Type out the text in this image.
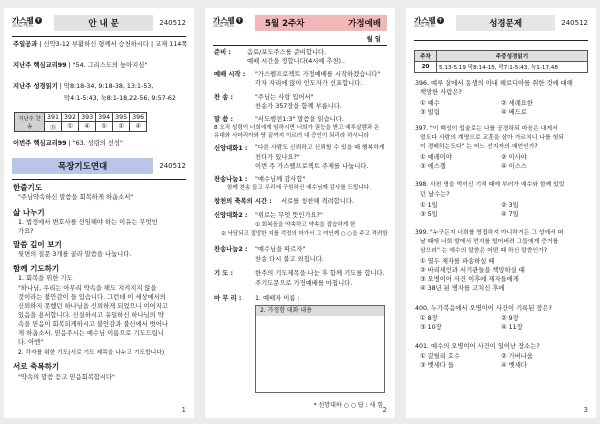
가스펠 ✝
프로젝트	안 내 문	240512
주일공과 | 신약3-12 부활하신 형께서 승천하시다 | 교재 114쪽
지난주 핵심교리99 | "54. 그리스도의 높아지심"
지난주 성경읽기 | 막8:18-34, 9:18-38, 13:1-53,
막4:1-5:43, 눅8:1-18,22-56, 9:57-62
지난주 찬송	391	392	393	394	395	396
	Ⓑ	①	④	①	①	④
이번주 핵심교리99 | "63. 성령의 선성"
목장기도연대	240512
한줄기도
"주님약속하신 말씀을 회복하게 하옵소서"
삶 나누기
1. 법정에서 변호사를 선임해야 하는 이유는 무엇인
가요?
말씀 깊이 보기
뒷면의 질문 3개를 골라 말씀을 나눕니다.
함께 기도하기
1. 회복을 위한 기도
"하나님, 우리는 아무리 약속을 해도 지켜지지 않을
것이라는 불안감이 들 있습니다. 그런데 이 세상에서의
신뢰하지 못했던 하나님을 신뢰하게 되었으니 이어지고
있음을 용서합니다. 신실하시고 유일하신 하나님의 약
속을 믿음이 회복되게하시고 불안감과 불신에서 벗어나
게 하옵소서. 믿음주시는 예수님 이름으로 기도드립니
다. 아멘"
2. 각자를 위한 기도(서로 기도 제목을 나누고 기도합니다)
서로 축복하기
"약속의 말씀 듣고 믿음회복합시다"
1
가스펠 ✝
프로젝트	5월 2주차	가정예배
월 일
준비 :	음료/포도주스를 준비합니다.
예배 시간을 정합니다(4시예 추천)..
예배 시작 : "가스펠프로젝트 가정예배를 시작하겠습니다"
각자 자리에 앉아 인도자가 선포합니다.
찬 송 :	"주님는 사랑 입어서"
찬송가 357장을 함께 부릅니다.
말 씀 :	"서도행전1:3" 말씀을 읽습니다.
8 오직 성령이 너희에게 임하시면 너희가 권능을 받고 예루살렘과 온
유대와 사마리아와 땅 끝까지 이르러 내 증인이 되리라 하시니라
신앙대화1 : "다른 사람도 신뢰하고 신뢰할 수 있을 때 행복하게
친다가 있나요?"
이번 주 가스펠프로젝트 주제를 나눕니다.
찬송나눔1 : "예수님께 감사합"
함께 찬송 들고 우리에 구원하신 예수님께 감사를 드립니다.
창천의 축복의 시간 : 서로를 칭찬해 격려합니다.
신앙대화2 : "위로는 무엇 뜻인가요?"
① 회복음을 약속하고 약속을 잡습하게 한
② 낙담되고 절망한 지를 걱정의 마가서 그 여인께 ○ ○을 주고 격려함
찬송나눔2 : "예수님을 따르자"
찬송 다시 불고 외칩니다.
기 도 :	한주의 기도제목을 나눈 후 함께 기도를 합니다.
주기도문으로 가정예배를 마칩니다.
마 무 리 : 1. 예배자 이름 :
2. 가정함 대화 내용
* 선망대하 ○ ○ 답 : 새 힘
2
가스펠 ✝
프로젝트	성경문제	240512
주차	주중성경읽기
20	5.13-5.19 막8:14-15, 막7:1-5:43, 눅1-17,48
396. 예루 살에서 동생의 아내 헤로디아를 취한 것에 대해
책망한 사람은?
① 예수	② 세례요한
③ 빌립	④ 베드로
397. "이 백성이 입술로는 나를 공경하되 마음은 내게서
멀도다 사람의 계명으로 교훈을 삼아 가르치니 나를 헛되
이 경배하는도다" 는 어느 선지자의 예언인가?
① 예레미야	② 이사야
③ 에스겔	④ 이스스
398. 사천 명을 먹이신 기적 때에 부러가 예수와 함께 있었
던 날수는?
① 1일	② 3일
③ 5일	④ 7일
399. "누구든지 너희를 영접하지 아니하거든 그 성에서 떠
날 때에 너희 발에서 먼지를 털어버려 그들에게 증거를
삼으라" 는 예수의 말씀은 어떤 때 하신 말씀인가?
① 열두 제자를 파송하실 때
② 바리새인과 서기관들을 책망하실 때
③ 오병이어 사건 이후에 제자들에게
④ 38년 된 병자를 고치신 후에
400. 누가복음에서 오병이어 사건이 기록된 장은?
① 8장	② 9장
③ 10장	④ 11장
401. 예수의 오병이어 사건이 일어난 장소는?
① 갈릴리 호수	② 가버나움
③ 뱃새다 들	④ 벳새다
3
